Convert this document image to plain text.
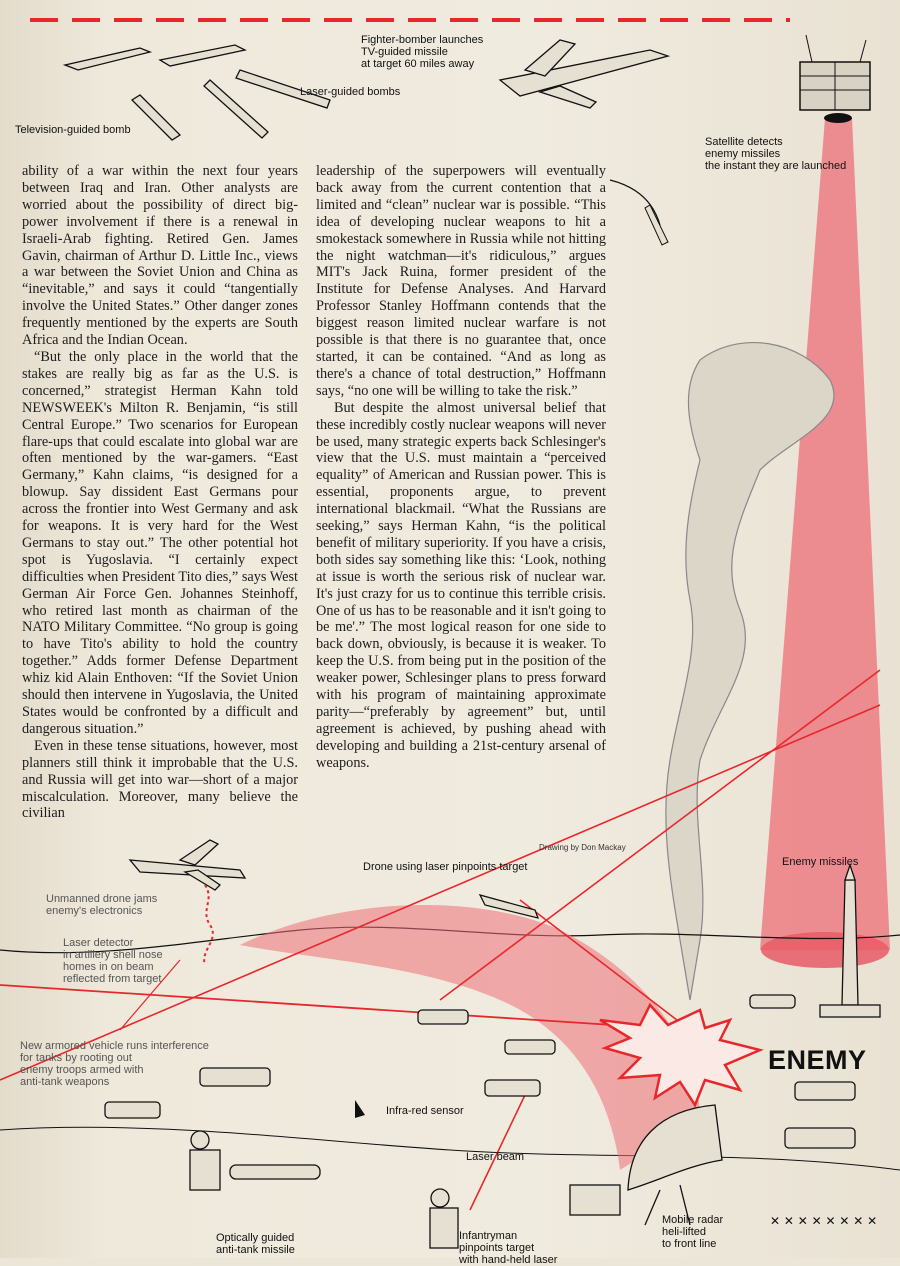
✕ ✕ ✕ ✕ ✕ ✕ ✕ ✕
Fighter-bomber launches
TV-guided missile
at target 60 miles away
Laser-guided bombs
Television-guided bomb
Satellite detects
enemy missiles
the instant they are launched
Enemy missiles
Drone using laser pinpoints target
Unmanned drone jams
enemy's electronics
Laser detector
in artillery shell nose
homes in on beam
reflected from target
New armored vehicle runs interference
for tanks by rooting out
enemy troops armed with
anti-tank weapons
Infra-red sensor
Laser beam
Optically guided
anti-tank missile
Infantryman
pinpoints target
with hand-held laser
Mobile radar
heli-lifted
to front line
ENEMY
Drawing by Don Mackay

ability of a war within the next four years between Iraq and Iran. Other analysts are worried about the possibility of direct big-power involvement if there is a renewal in Israeli-Arab fighting. Retired Gen. James Gavin, chairman of Arthur D. Little Inc., views a war between the Soviet Union and China as “inevitable,” and says it could “tangentially involve the United States.” Other danger zones frequently mentioned by the experts are South Africa and the Indian Ocean.

“But the only place in the world that the stakes are really big as far as the U.S. is concerned,” strategist Herman Kahn told NEWSWEEK's Milton R. Benjamin, “is still Central Europe.” Two scenarios for European flare-ups that could escalate into global war are often mentioned by the war-gamers. “East Germany,” Kahn claims, “is designed for a blowup. Say dissident East Germans pour across the frontier into West Germany and ask for weapons. It is very hard for the West Germans to stay out.” The other potential hot spot is Yugoslavia. “I certainly expect difficulties when President Tito dies,” says West German Air Force Gen. Johannes Steinhoff, who retired last month as chairman of the NATO Military Committee. “No group is going to have Tito's ability to hold the country together.” Adds former Defense Department whiz kid Alain Enthoven: “If the Soviet Union should then intervene in Yugoslavia, the United States would be confronted by a difficult and dangerous situation.”

Even in these tense situations, however, most planners still think it improbable that the U.S. and Russia will get into war—short of a major miscalculation. Moreover, many believe the civilian

leadership of the superpowers will eventually back away from the current contention that a limited and “clean” nuclear war is possible. “This idea of developing nuclear weapons to hit a smokestack somewhere in Russia while not hitting the night watchman—it's ridiculous,” argues MIT's Jack Ruina, former president of the Institute for Defense Analyses. And Harvard Professor Stanley Hoffmann contends that the biggest reason limited nuclear warfare is not possible is that there is no guarantee that, once started, it can be contained. “And as long as there's a chance of total destruction,” Hoffmann says, “no one will be willing to take the risk.”

But despite the almost universal belief that these incredibly costly nuclear weapons will never be used, many strategic experts back Schlesinger's view that the U.S. must maintain a “perceived equality” of American and Russian power. This is essential, proponents argue, to prevent international blackmail. “What the Russians are seeking,” says Herman Kahn, “is the political benefit of military superiority. If you have a crisis, both sides say something like this: ‘Look, nothing at issue is worth the serious risk of nuclear war. It's just crazy for us to continue this terrible crisis. One of us has to be reasonable and it isn't going to be me'.” The most logical reason for one side to back down, obviously, is because it is weaker. To keep the U.S. from being put in the position of the weaker power, Schlesinger plans to press forward with his program of maintaining approximate parity—“preferably by agreement” but, until agreement is achieved, by pushing ahead with developing and building a 21st-century arsenal of weapons.
